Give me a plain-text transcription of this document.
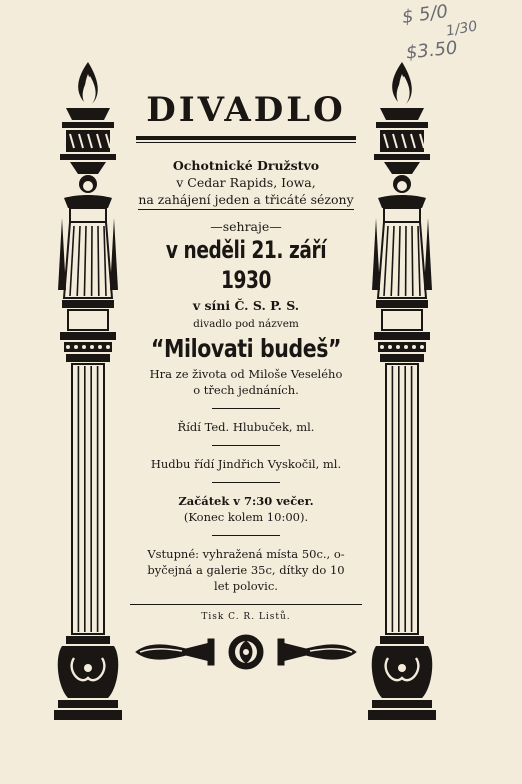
$ 5/0
1/30
$3.50
DIVADLO
Ochotnické Družstvo
v Cedar Rapids, Iowa,
na zahájení jeden a třicáté sézony
—sehraje—
v neděli 21. září 1930
v síni Č. S. P. S.
divadlo pod názvem
“Milovati budeš”
Hra ze života od Miloše Veselého
o třech jednáních.
Řídí Ted. Hlubuček, ml.
Hudbu řídí Jindřich Vyskočil, ml.
Začátek v 7:30 večer.
(Konec kolem 10:00).
Vstupné: vyhražená místa 50c., o-
byčejná a galerie 35c, dítky do 10
let polovic.
Tisk C. R. Listů.
